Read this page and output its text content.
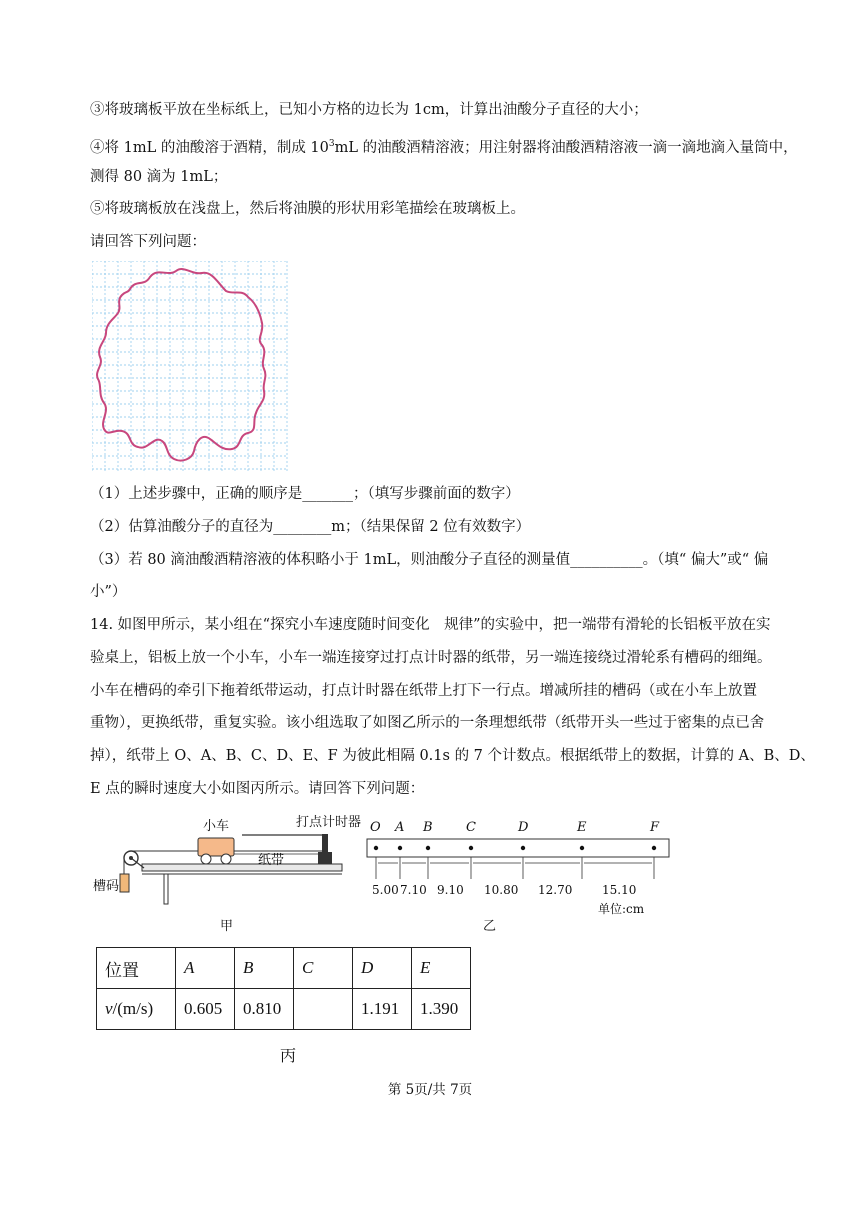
③将玻璃板平放在坐标纸上，已知小方格的边长为 1cm，计算出油酸分子直径的大小；
④将 1mL 的油酸溶于酒精，制成 $10^3mL$ 的油酸酒精溶液；用注射器将油酸酒精溶液一滴一滴地滴入量筒中，
测得 80 滴为 1mL；
⑤将玻璃板放在浅盘上，然后将油膜的形状用彩笔描绘在玻璃板上。
请回答下列问题：
（1）上述步骤中，正确的顺序是_______；（填写步骤前面的数字）
（2）估算油酸分子的直径为________m；（结果保留 2 位有效数字）
（3）若 80 滴油酸酒精溶液的体积略小于 1mL，则油酸分子直径的测量值__________。（填“ 偏大”或“ 偏
小”）
14. 如图甲所示，某小组在“探究小车速度随时间变化　规律”的实验中，把一端带有滑轮的长铝板平放在实
验桌上，铝板上放一个小车，小车一端连接穿过打点计时器的纸带，另一端连接绕过滑轮系有槽码的细绳。
小车在槽码的牵引下拖着纸带运动，打点计时器在纸带上打下一行点。增减所挂的槽码（或在小车上放置
重物），更换纸带，重复实验。该小组选取了如图乙所示的一条理想纸带（纸带开头一些过于密集的点已舍
掉），纸带上 O、A、B、C、D、E、F 为彼此相隔 0.1s 的 7 个计数点。根据纸带上的数据，计算的 A、B、D、
E 点的瞬时速度大小如图丙所示。请回答下列问题：
小车	打点计时器
纸带
槽码
甲
O A B	C	D	E	F
5.00 7.10 9.10 10.80 12.70 15.10
单位:cm
乙
位置	A	B	C	D	E
v/(m/s)	0.605	0.810		1.191	1.390
丙
第 5页/共 7页
